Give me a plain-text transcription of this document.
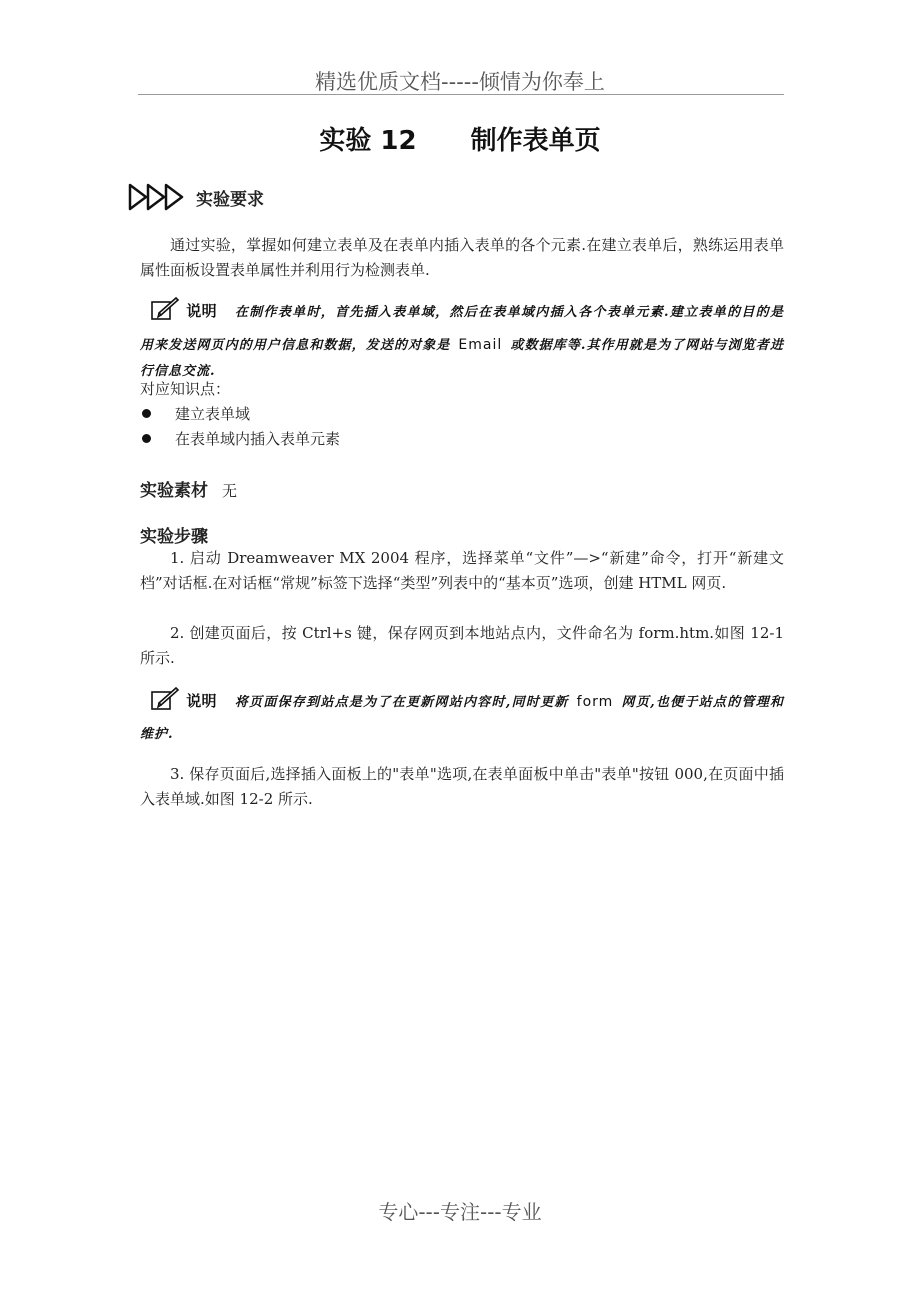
精选优质文档-----倾情为你奉上
实验 12 制作表单页
实验要求
通过实验，掌握如何建立表单及在表单内插入表单的各个元素.在建立表单后，熟练运用表单属性面板设置表单属性并利用行为检测表单.
说明 在制作表单时，首先插入表单域，然后在表单域内插入各个表单元素.建立表单的目的是用来发送网页内的用户信息和数据，发送的对象是 Email 或数据库等.其作用就是为了网站与浏览者进行信息交流.
对应知识点：
建立表单域
在表单域内插入表单元素
实验素材 无
实验步骤
1. 启动 Dreamweaver MX 2004 程序，选择菜单“文件”—>“新建”命令，打开“新建文档”对话框.在对话框“常规”标签下选择“类型”列表中的“基本页”选项，创建 HTML 网页.
2. 创建页面后，按 Ctrl+s 键，保存网页到本地站点内，文件命名为 form.htm.如图 12-1 所示.
说明 将页面保存到站点是为了在更新网站内容时,同时更新 form 网页,也便于站点的管理和维护.
3. 保存页面后,选择插入面板上的"表单"选项,在表单面板中单击"表单"按钮 000,在页面中插入表单域.如图 12-2 所示.
专心---专注---专业
